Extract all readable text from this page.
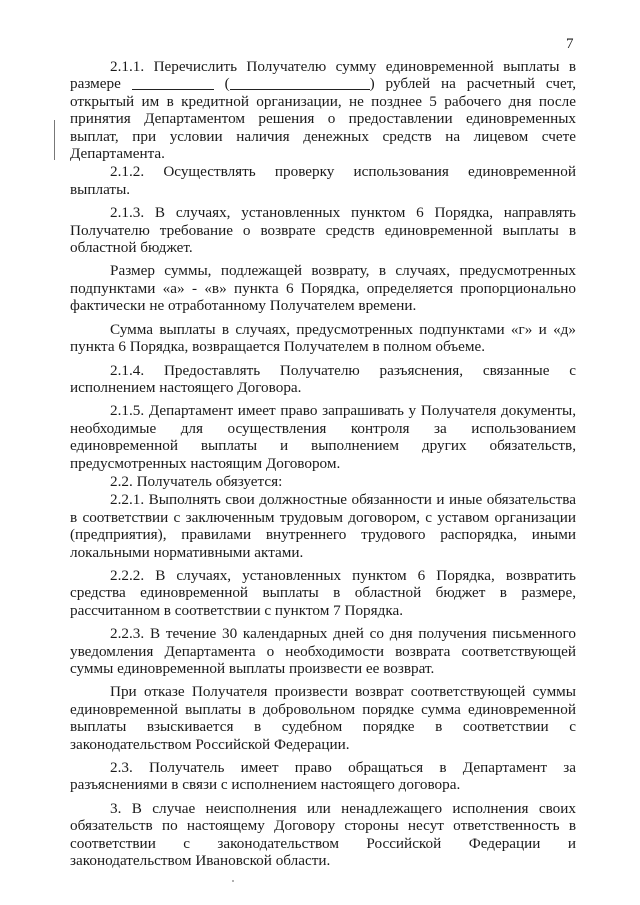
7

2.1.1. Перечислить Получателю сумму единовременной выплаты в размере	(	) рублей на расчетный счет, открытый им в кредитной организации, не позднее 5 рабочего дня после принятия Департаментом решения о предоставлении единовременных выплат, при условии наличия денежных средств на лицевом счете Департамента.

2.1.2. Осуществлять проверку использования единовременной выплаты.

2.1.3. В случаях, установленных пунктом 6 Порядка, направлять Получателю требование о возврате средств единовременной выплаты в областной бюджет.

Размер суммы, подлежащей возврату, в случаях, предусмотренных подпунктами «а» - «в» пункта 6 Порядка, определяется пропорционально фактически не отработанному Получателем времени.

Сумма выплаты в случаях, предусмотренных подпунктами «г» и «д» пункта 6 Порядка, возвращается Получателем в полном объеме.

2.1.4. Предоставлять Получателю разъяснения, связанные с исполнением настоящего Договора.

2.1.5. Департамент имеет право запрашивать у Получателя документы, необходимые для осуществления контроля за использованием единовременной выплаты и выполнением других обязательств, предусмотренных настоящим Договором.

2.2. Получатель обязуется:

2.2.1. Выполнять свои должностные обязанности и иные обязательства в соответствии с заключенным трудовым договором, с уставом организации (предприятия), правилами внутреннего трудового распорядка, иными локальными нормативными актами.

2.2.2. В случаях, установленных пунктом 6 Порядка, возвратить средства единовременной выплаты в областной бюджет в размере, рассчитанном в соответствии с пунктом 7 Порядка.

2.2.3. В течение 30 календарных дней со дня получения письменного уведомления Департамента о необходимости возврата соответствующей суммы единовременной выплаты произвести ее возврат.

При отказе Получателя произвести возврат соответствующей суммы единовременной выплаты в добровольном порядке сумма единовременной выплаты взыскивается в судебном порядке в соответствии с законодательством Российской Федерации.

2.3. Получатель имеет право обращаться в Департамент за разъяснениями в связи с исполнением настоящего договора.

3. В случае неисполнения или ненадлежащего исполнения своих обязательств по настоящему Договору стороны несут ответственность в соответствии с законодательством Российской Федерации и законодательством Ивановской области.
